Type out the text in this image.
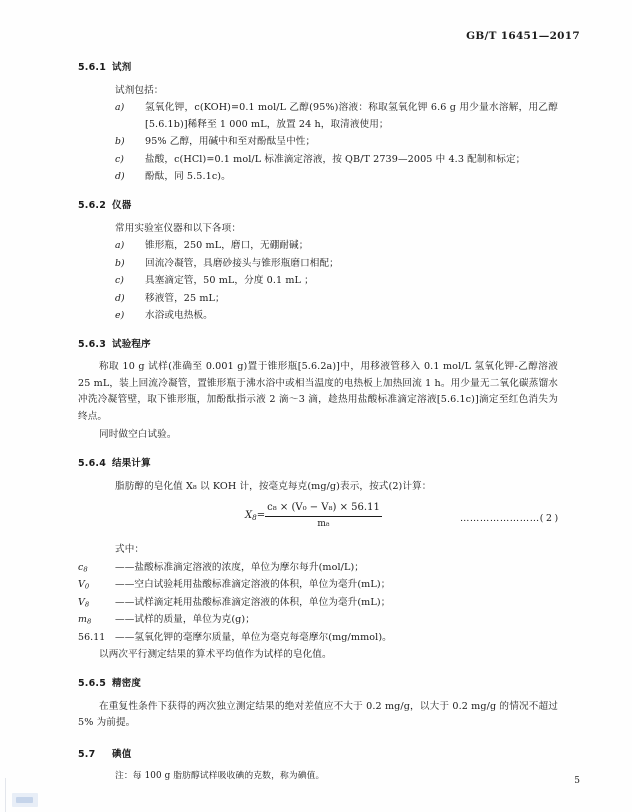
GB/T 16451—2017
5.6.1 试剂

试剂包括：

a)	氢氧化钾，c(KOH)=0.1 mol/L 乙醇(95%)溶液：称取氢氧化钾 6.6 g 用少量水溶解，用乙醇[5.6.1b)]稀释至 1 000 mL，放置 24 h，取清液使用；
b)	95% 乙醇，用碱中和至对酚酞呈中性；
c)	盐酸，c(HCl)=0.1 mol/L 标准滴定溶液，按 QB/T 2739—2005 中 4.3 配制和标定；
d)	酚酞，同 5.5.1c)。
5.6.2 仪器

常用实验室仪器和以下各项：

a)	锥形瓶，250 mL，磨口，无硼耐碱；
b)	回流冷凝管，具磨砂接头与锥形瓶磨口相配；
c)	具塞滴定管，50 mL，分度 0.1 mL ；
d)	移液管，25 mL；
e)	水浴或电热板。
5.6.3 试验程序

称取 10 g 试样(准确至 0.001 g)置于锥形瓶[5.6.2a)]中，用移液管移入 0.1 mol/L 氢氧化钾-乙醇溶液 25 mL，装上回流冷凝管，置锥形瓶于沸水浴中或相当温度的电热板上加热回流 1 h。用少量无二氧化碳蒸馏水冲洗冷凝管壁，取下锥形瓶，加酚酞指示液 2 滴～3 滴，趁热用盐酸标准滴定溶液[5.6.1c)]滴定至红色消失为终点。

同时做空白试验。

5.6.4 结果计算

脂肪醇的皂化值 X₈ 以 KOH 计，按毫克每克(mg/g)表示，按式(2)计算：

$X_8= \frac{\text{c₈ × (V₀ − V₈) × 56.11}}{\text{m₈}}$	……………………( 2 )

式中：

$c_8$	——盐酸标准滴定溶液的浓度，单位为摩尔每升(mol/L)；
$V_0$	——空白试验耗用盐酸标准滴定溶液的体积，单位为毫升(mL)；
$V_8$	——试样滴定耗用盐酸标准滴定溶液的体积，单位为毫升(mL)；
$m_8$	——试样的质量，单位为克(g)；
56.11	——氢氧化钾的毫摩尔质量，单位为毫克每毫摩尔(mg/mmol)。

以两次平行测定结果的算术平均值作为试样的皂化值。

5.6.5 精密度

在重复性条件下获得的两次独立测定结果的绝对差值应不大于 0.2 mg/g，以大于 0.2 mg/g 的情况不超过 5% 为前提。

5.7 碘值

注：每 100 g 脂肪醇试样吸收碘的克数，称为碘值。	5
